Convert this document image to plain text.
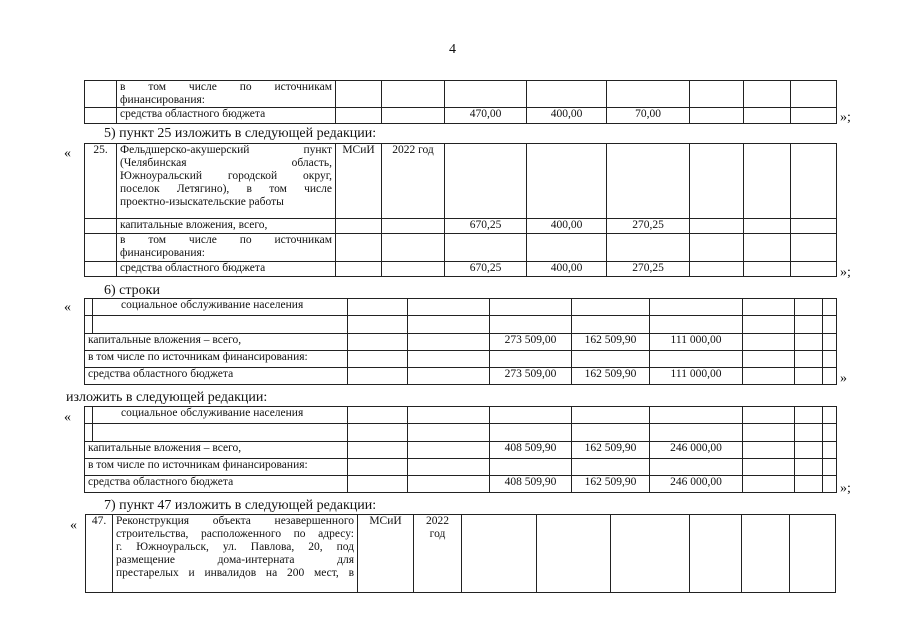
4

	в том числе по источникам финансирования:								

	средства областного бюджета			470,00	400,00	70,00				»;
5) пункт 25 изложить в следующей редакции:
« 25.	Фельдшерско-акушерский пункт
(Челябинская область,
Южноуральский городской округ,
поселок Летягино), в том числе
проектно-изыскательские работы	МСиИ	2022 год						
	капитальные вложения, всего,			670,25	400,00	270,25			

	в том числе по источникам финансирования:								

	средства областного бюджета			670,25	400,00	270,25				»;
6) строки
«
		социальное обслуживание населения								

капитальные вложения – всего,				273 509,00	162 509,90	111 000,00			
в том числе по источникам финансирования:									
средства областного бюджета				273 509,00	162 509,90	111 000,00				»
изложить в следующей редакции:
«
		социальное обслуживание населения								

капитальные вложения – всего,				408 509,90	162 509,90	246 000,00			
в том числе по источникам финансирования:									
средства областного бюджета				408 509,90	162 509,90	246 000,00				»;
7) пункт 47 изложить в следующей редакции:
« 47.	Реконструкция объекта незавершенного
строительства, расположенного по адресу:
г. Южноуральск, ул. Павлова, 20, под
размещение дома-интерната для
престарелых и инвалидов на 200 мест, в
	МСиИ	2022
год
